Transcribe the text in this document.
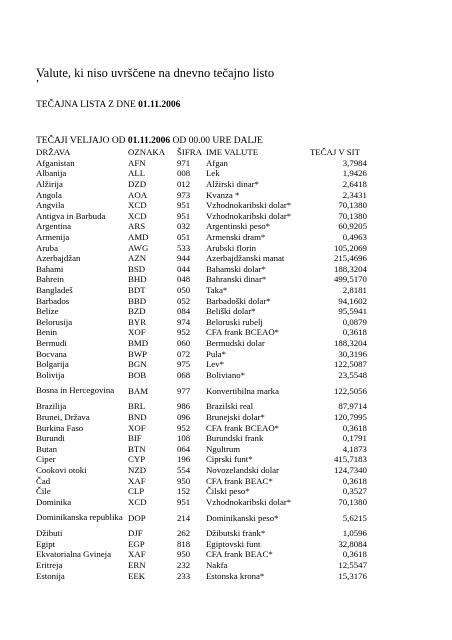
Valute, ki niso uvrščene na dnevno tečajno listo
'
TEČAJNA LISTA Z DNE 01.11.2006
TEČAJI VELJAJO OD 01.11.2006 OD 00.00 URE DALJE
DRŽAVA	OZNAKA	ŠIFRA	IME VALUTE	TEČAJ V SIT
Afganistan	AFN	971	Afgan	3,7984
Albanija	ALL	008	Lek	1,9426
Alžirija	DZD	012	Alžirski dinar*	2,6418
Angola	AOA	973	Kvanza *	2,3431
Angvila	XCD	951	Vzhodnokaribski dolar*	70,1380
Antigva in Barbuda	XCD	951	Vzhodnokaribski dolar*	70,1380
Argentina	ARS	032	Argentinski peso*	60,9205
Armenija	AMD	051	Armenski dram*	0,4963
Aruba	AWG	533	Arubski florin	105,2069
Azerbajdžan	AZN	944	Azerbajdžanski manat	215,4696
Bahami	BSD	044	Bahamski dolar*	188,3204
Bahrein	BHD	048	Bahranski dinar*	499,5170
Bangladeš	BDT	050	Taka*	2,8181
Barbados	BBD	052	Barbadoški dolar*	94,1602
Belize	BZD	084	Beliški dolar*	95,5941
Belorusija	BYR	974	Beloruski rubelj	0,0879
Benin	XOF	952	CFA frank BCEAO*	0,3618
Bermudi	BMD	060	Bermudski dolar	188,3204
Bocvana	BWP	072	Pula*	30,3196
Bolgarija	BGN	975	Lev*	122,5087
Bolivija	BOB	068	Boliviano*	23,5548
Bosna in Hercegovina	BAM	977	Konvertibilna marka	122,5056
Brazilija	BRL	986	Brazilski real	87,9714
Brunei, Država	BND	096	Brunejski dolar*	120,7995
Burkina Faso	XOF	952	CFA frank BCEAO*	0,3618
Burundi	BIF	108	Burundski frank	0,1791
Butan	BTN	064	Ngultrum	4,1873
Ciper	CYP	196	Ciprski funt*	415,7183
Cookovi otoki	NZD	554	Novozelandski dolar	124,7340
Čad	XAF	950	CFA frank BEAC*	0,3618
Čile	CLP	152	Čilski peso*	0,3527
Dominika	XCD	951	Vzhodnokaribski dolar*	70,1380
Dominikanska republika	DOP	214	Dominikanski peso*	5,6215
Džibuti	DJF	262	Džibutski frank*	1,0596
Egipt	EGP	818	Egiptovski funt	32,8084
Ekvatorialna Gvineja	XAF	950	CFA frank BEAC*	0,3618
Eritreja	ERN	232	Nakfa	12,5547
Estonija	EEK	233	Estonska krona*	15,3176
